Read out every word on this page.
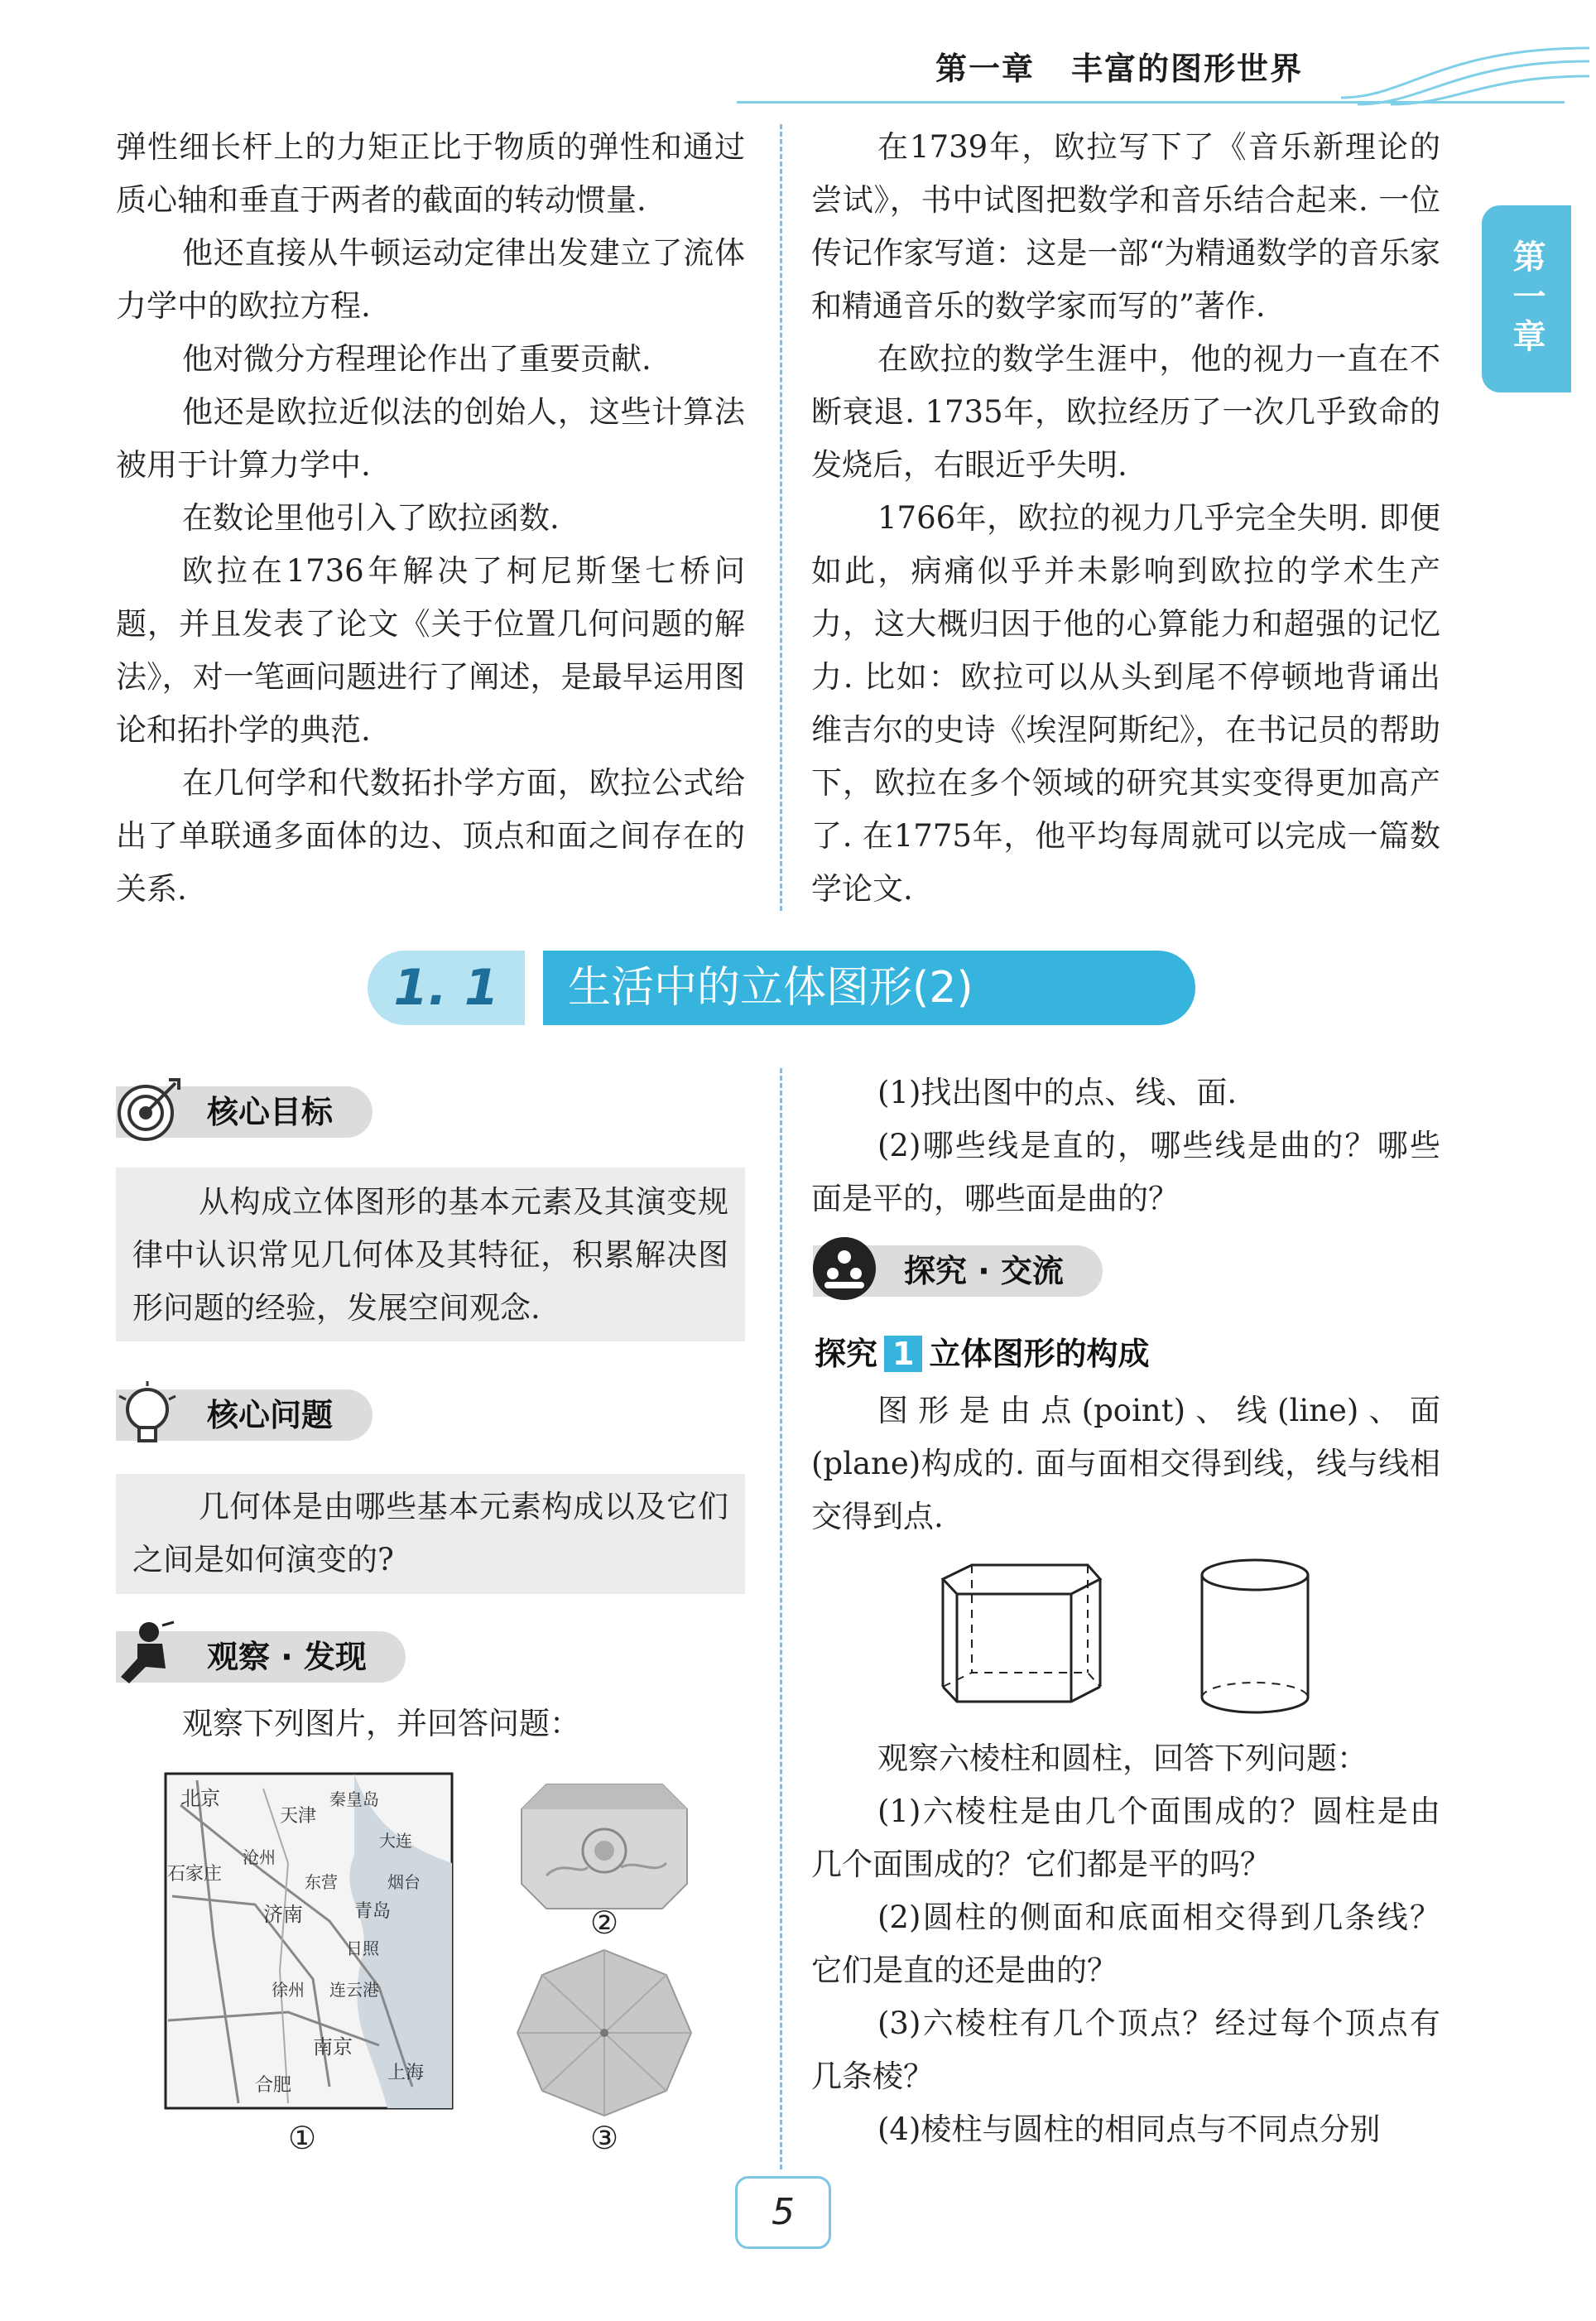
第一章 丰富的图形世界
第一章

弹性细长杆上的力矩正比于物质的弹性和通过质心轴和垂直于两者的截面的转动惯量.

他还直接从牛顿运动定律出发建立了流体力学中的欧拉方程.

他对微分方程理论作出了重要贡献.

他还是欧拉近似法的创始人，这些计算法被用于计算力学中.

在数论里他引入了欧拉函数.

欧拉在1736年解决了柯尼斯堡七桥问题，并且发表了论文《关于位置几何问题的解法》，对一笔画问题进行了阐述，是最早运用图论和拓扑学的典范.

在几何学和代数拓扑学方面，欧拉公式给出了单联通多面体的边、顶点和面之间存在的关系.

在1739年，欧拉写下了《音乐新理论的尝试》，书中试图把数学和音乐结合起来. 一位传记作家写道：这是一部“为精通数学的音乐家和精通音乐的数学家而写的”著作.

在欧拉的数学生涯中，他的视力一直在不断衰退. 1735年，欧拉经历了一次几乎致命的发烧后，右眼近乎失明.

1766年，欧拉的视力几乎完全失明. 即便如此，病痛似乎并未影响到欧拉的学术生产力，这大概归因于他的心算能力和超强的记忆力. 比如：欧拉可以从头到尾不停顿地背诵出维吉尔的史诗《埃涅阿斯纪》，在书记员的帮助下，欧拉在多个领域的研究其实变得更加高产了. 在1775年，他平均每周就可以完成一篇数学论文.

1. 1	生活中的立体图形(2)
核心目标

从构成立体图形的基本元素及其演变规律中认识常见几何体及其特征，积累解决图形问题的经验，发展空间观念.

核心问题

几何体是由哪些基本元素构成以及它们之间是如何演变的?

观察 · 发现

观察下列图片，并回答问题：

北京
天津
秦皇岛
石家庄
沧州
大连
济南
东营
青岛
日照
徐州 连云港
南京
合肥
上海
烟台
①
②
③

(1)找出图中的点、线、面.

(2)哪些线是直的，哪些线是曲的？哪些面是平的，哪些面是曲的？

探究 · 交流
探究 1 立体图形的构成

图形是由点(point)、线(line)、面(plane)构成的. 面与面相交得到线，线与线相交得到点.

观察六棱柱和圆柱，回答下列问题：

(1)六棱柱是由几个面围成的？圆柱是由几个面围成的？它们都是平的吗？

(2)圆柱的侧面和底面相交得到几条线？它们是直的还是曲的？

(3)六棱柱有几个顶点？经过每个顶点有几条棱？

(4)棱柱与圆柱的相同点与不同点分别

5
